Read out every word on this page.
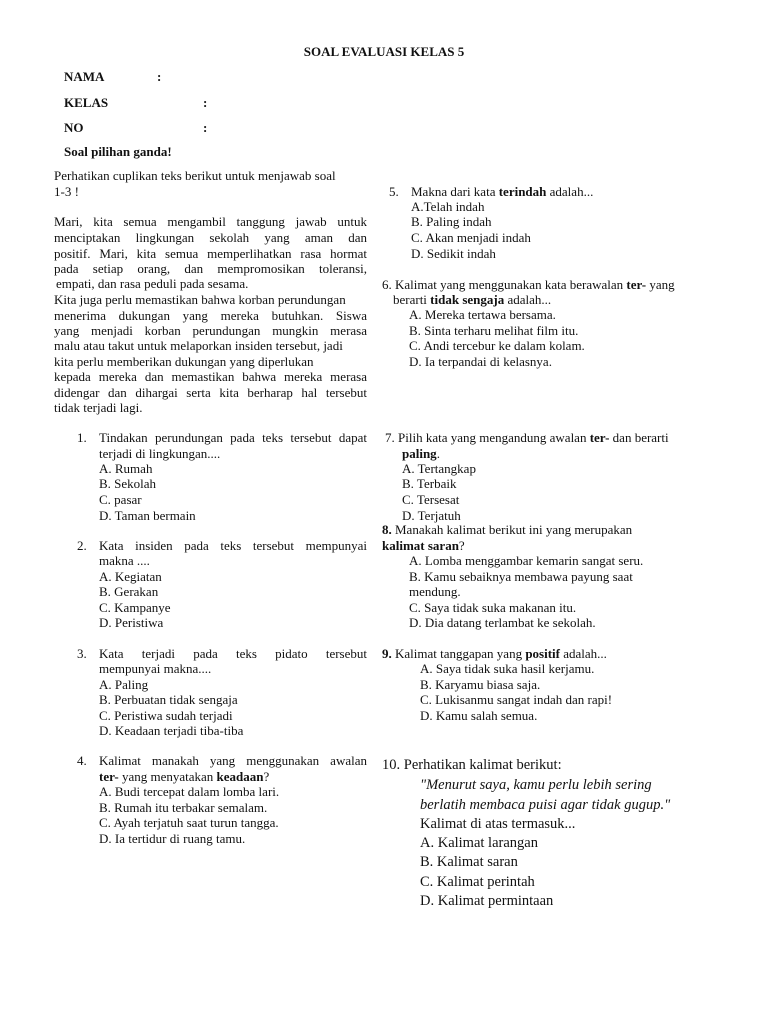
SOAL EVALUASI KELAS 5
NAMA	:
KELAS	:
NO	:
Soal pilihan ganda!
Perhatikan cuplikan teks berikut untuk menjawab soal
1-3 !
Mari, kita semua mengambil tanggung jawab untuk
menciptakan lingkungan sekolah yang aman dan
positif. Mari, kita semua memperlihatkan rasa hormat
pada setiap orang, dan mempromosikan toleransi,
empati, dan rasa peduli pada sesama.
Kita juga perlu memastikan bahwa korban perundungan
menerima dukungan yang mereka butuhkan. Siswa
yang menjadi korban perundungan mungkin merasa
malu atau takut untuk melaporkan insiden tersebut, jadi
kita perlu memberikan dukungan yang diperlukan
kepada mereka dan memastikan bahwa mereka merasa
didengar dan dihargai serta kita berharap hal tersebut
tidak terjadi lagi.
1. Tindakan perundungan pada teks tersebut dapat
terjadi di lingkungan....
A. Rumah
B. Sekolah
C. pasar
D. Taman bermain
2. Kata insiden pada teks tersebut mempunyai
makna ....
A. Kegiatan
B. Gerakan
C. Kampanye
D. Peristiwa
3. Kata terjadi pada teks pidato tersebut
mempunyai makna....
A. Paling
B. Perbuatan tidak sengaja
C. Peristiwa sudah terjadi
D. Keadaan terjadi tiba-tiba
4. Kalimat manakah yang menggunakan awalan
ter- yang menyatakan keadaan?
A. Budi tercepat dalam lomba lari.
B. Rumah itu terbakar semalam.
C. Ayah terjatuh saat turun tangga.
D. Ia tertidur di ruang tamu.
5. Makna dari kata terindah adalah...
A.Telah indah
B. Paling indah
C. Akan menjadi indah
D. Sedikit indah
6. Kalimat yang menggunakan kata berawalan ter- yang
berarti tidak sengaja adalah...
A. Mereka tertawa bersama.
B. Sinta terharu melihat film itu.
C. Andi tercebur ke dalam kolam.
D. Ia terpandai di kelasnya.
7. Pilih kata yang mengandung awalan ter- dan berarti
paling.
A. Tertangkap
B. Terbaik
C. Tersesat
D. Terjatuh
8. Manakah kalimat berikut ini yang merupakan
kalimat saran?
A. Lomba menggambar kemarin sangat seru.
B. Kamu sebaiknya membawa payung saat
mendung.
C. Saya tidak suka makanan itu.
D. Dia datang terlambat ke sekolah.
9. Kalimat tanggapan yang positif adalah...
A. Saya tidak suka hasil kerjamu.
B. Karyamu biasa saja.
C. Lukisanmu sangat indah dan rapi!
D. Kamu salah semua.
10. Perhatikan kalimat berikut:
"Menurut saya, kamu perlu lebih sering
berlatih membaca puisi agar tidak gugup."
Kalimat di atas termasuk...
A. Kalimat larangan
B. Kalimat saran
C. Kalimat perintah
D. Kalimat permintaan
